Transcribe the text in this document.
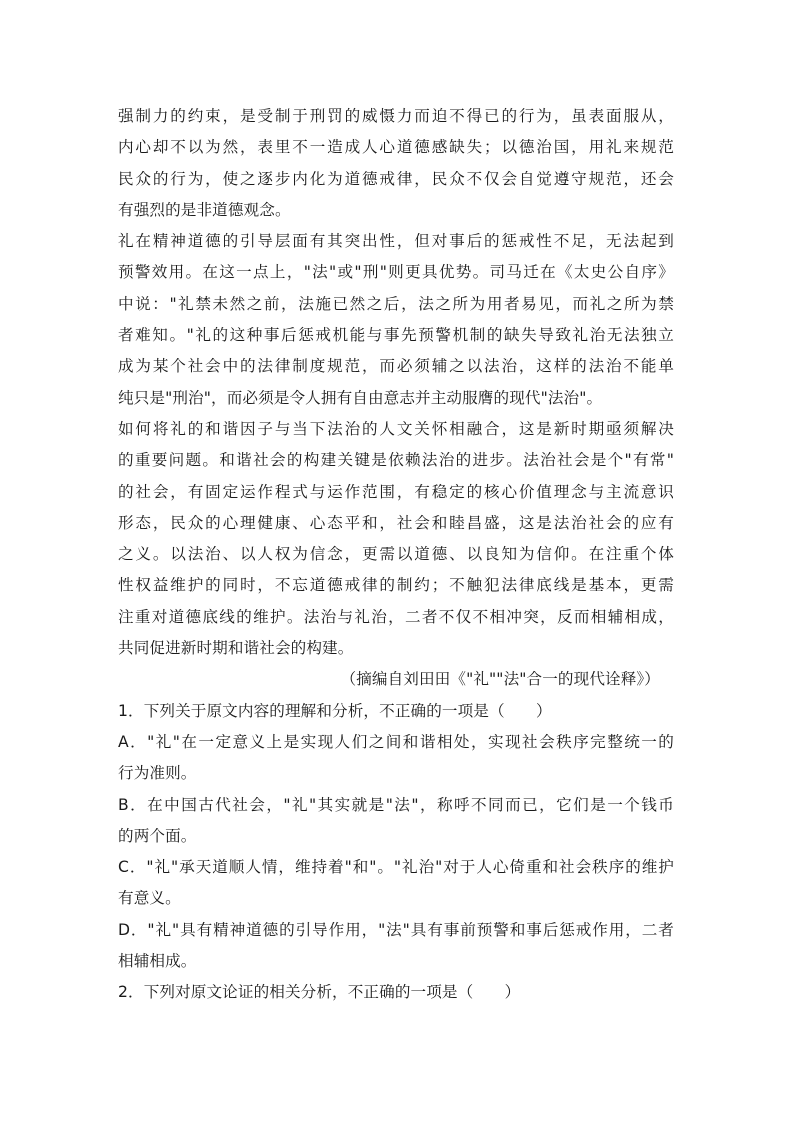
强制力的约束，是受制于刑罚的威慑力而迫不得已的行为，虽表面服从，
内心却不以为然，表里不一造成人心道德感缺失；以德治国，用礼来规范
民众的行为，使之逐步内化为道德戒律，民众不仅会自觉遵守规范，还会
有强烈的是非道德观念。
礼在精神道德的引导层面有其突出性，但对事后的惩戒性不足，无法起到
预警效用。在这一点上，"法"或"刑"则更具优势。司马迁在《太史公自序》
中说："礼禁未然之前，法施已然之后，法之所为用者易见，而礼之所为禁
者难知。"礼的这种事后惩戒机能与事先预警机制的缺失导致礼治无法独立
成为某个社会中的法律制度规范，而必须辅之以法治，这样的法治不能单
纯只是"刑治"，而必须是令人拥有自由意志并主动服膺的现代"法治"。
如何将礼的和谐因子与当下法治的人文关怀相融合，这是新时期亟须解决
的重要问题。和谐社会的构建关键是依赖法治的进步。法治社会是个"有常"
的社会，有固定运作程式与运作范围，有稳定的核心价值理念与主流意识
形态，民众的心理健康、心态平和，社会和睦昌盛，这是法治社会的应有
之义。以法治、以人权为信念，更需以道德、以良知为信仰。在注重个体
性权益维护的同时，不忘道德戒律的制约；不触犯法律底线是基本，更需
注重对道德底线的维护。法治与礼治，二者不仅不相冲突，反而相辅相成，
共同促进新时期和谐社会的构建。
（摘编自刘田田《"礼""法"合一的现代诠释》）
1．下列关于原文内容的理解和分析，不正确的一项是（　　）
A．"礼"在一定意义上是实现人们之间和谐相处，实现社会秩序完整统一的
行为准则。
B．在中国古代社会，"礼"其实就是"法"，称呼不同而已，它们是一个钱币
的两个面。
C．"礼"承天道顺人情，维持着"和"。"礼治"对于人心倚重和社会秩序的维护
有意义。
D．"礼"具有精神道德的引导作用，"法"具有事前预警和事后惩戒作用，二者
相辅相成。
2．下列对原文论证的相关分析，不正确的一项是（　　）
